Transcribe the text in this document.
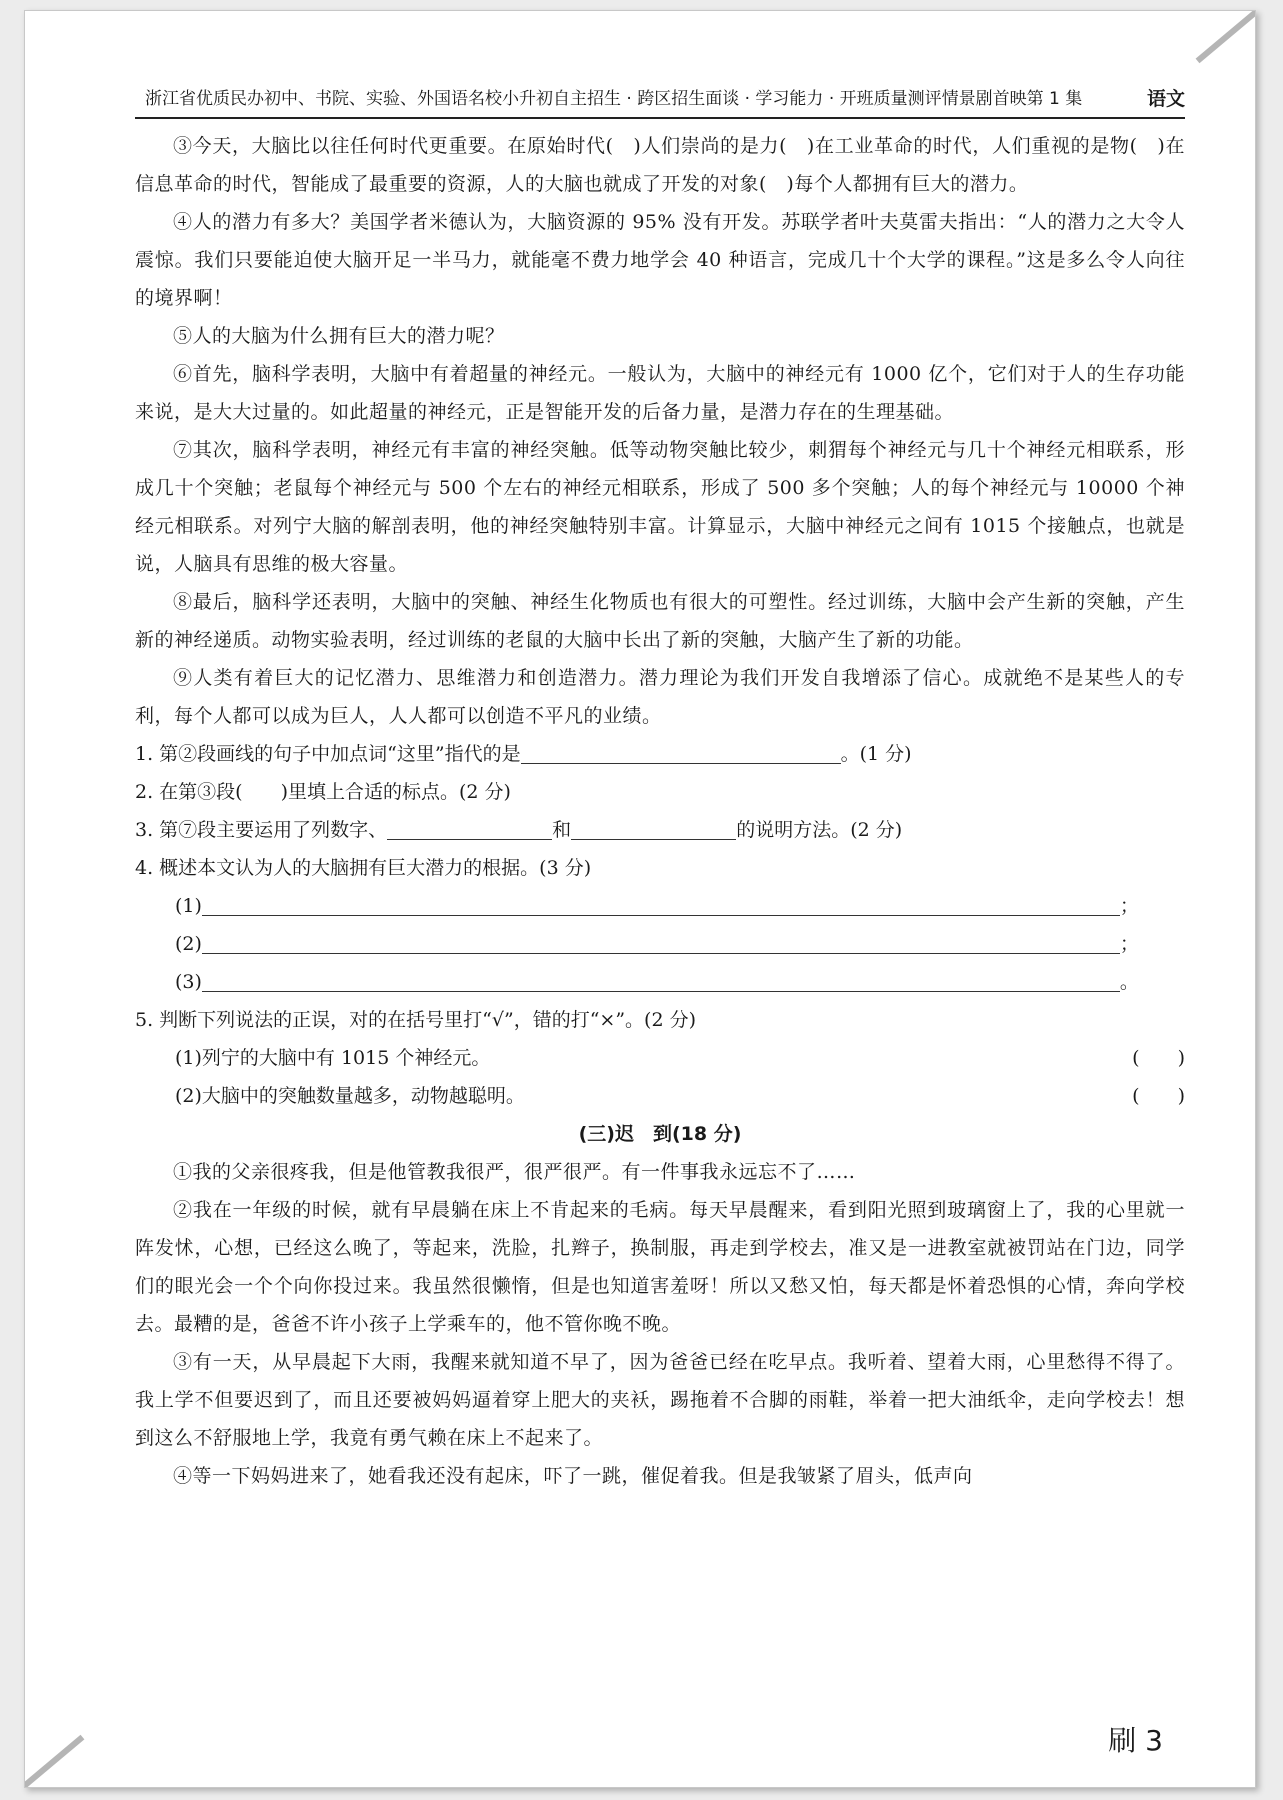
浙江省优质民办初中、书院、实验、外国语名校小升初自主招生 · 跨区招生面谈 · 学习能力 · 开班质量测评情景剧首映第 1 集	语文

③今天，大脑比以往任何时代更重要。在原始时代(　)人们崇尚的是力(　)在工业革命的时代，人们重视的是物(　)在信息革命的时代，智能成了最重要的资源，人的大脑也就成了开发的对象(　)每个人都拥有巨大的潜力。

④人的潜力有多大？美国学者米德认为，大脑资源的 95% 没有开发。苏联学者叶夫莫雷夫指出：“人的潜力之大令人震惊。我们只要能迫使大脑开足一半马力，就能毫不费力地学会 40 种语言，完成几十个大学的课程。”这是多么令人向往的境界啊！

⑤人的大脑为什么拥有巨大的潜力呢？

⑥首先，脑科学表明，大脑中有着超量的神经元。一般认为，大脑中的神经元有 1000 亿个，它们对于人的生存功能来说，是大大过量的。如此超量的神经元，正是智能开发的后备力量，是潜力存在的生理基础。

⑦其次，脑科学表明，神经元有丰富的神经突触。低等动物突触比较少，刺猬每个神经元与几十个神经元相联系，形成几十个突触；老鼠每个神经元与 500 个左右的神经元相联系，形成了 500 多个突触；人的每个神经元与 10000 个神经元相联系。对列宁大脑的解剖表明，他的神经突触特别丰富。计算显示，大脑中神经元之间有 1015 个接触点，也就是说，人脑具有思维的极大容量。

⑧最后，脑科学还表明，大脑中的突触、神经生化物质也有很大的可塑性。经过训练，大脑中会产生新的突触，产生新的神经递质。动物实验表明，经过训练的老鼠的大脑中长出了新的突触，大脑产生了新的功能。

⑨人类有着巨大的记忆潜力、思维潜力和创造潜力。潜力理论为我们开发自我增添了信心。成就绝不是某些人的专利，每个人都可以成为巨人，人人都可以创造不平凡的业绩。

1. 第②段画线的句子中加点词“这里”指代的是	。(1 分)
2. 在第③段(　　)里填上合适的标点。(2 分)
3. 第⑦段主要运用了列数字、	和	的说明方法。(2 分)
4. 概述本文认为人的大脑拥有巨大潜力的根据。(3 分)
(1)	；
(2)	；
(3)	。
5. 判断下列说法的正误，对的在括号里打“√”，错的打“×”。(2 分)
(1)列宁的大脑中有 1015 个神经元。	(　　)
(2)大脑中的突触数量越多，动物越聪明。	(　　)
(三)迟　到(18 分)

①我的父亲很疼我，但是他管教我很严，很严很严。有一件事我永远忘不了……

②我在一年级的时候，就有早晨躺在床上不肯起来的毛病。每天早晨醒来，看到阳光照到玻璃窗上了，我的心里就一阵发怵，心想，已经这么晚了，等起来，洗脸，扎辫子，换制服，再走到学校去，准又是一进教室就被罚站在门边，同学们的眼光会一个个向你投过来。我虽然很懒惰，但是也知道害羞呀！所以又愁又怕，每天都是怀着恐惧的心情，奔向学校去。最糟的是，爸爸不许小孩子上学乘车的，他不管你晚不晚。

③有一天，从早晨起下大雨，我醒来就知道不早了，因为爸爸已经在吃早点。我听着、望着大雨，心里愁得不得了。我上学不但要迟到了，而且还要被妈妈逼着穿上肥大的夹袄，踢拖着不合脚的雨鞋，举着一把大油纸伞，走向学校去！想到这么不舒服地上学，我竟有勇气赖在床上不起来了。

④等一下妈妈进来了，她看我还没有起床，吓了一跳，催促着我。但是我皱紧了眉头，低声向

刷 3
